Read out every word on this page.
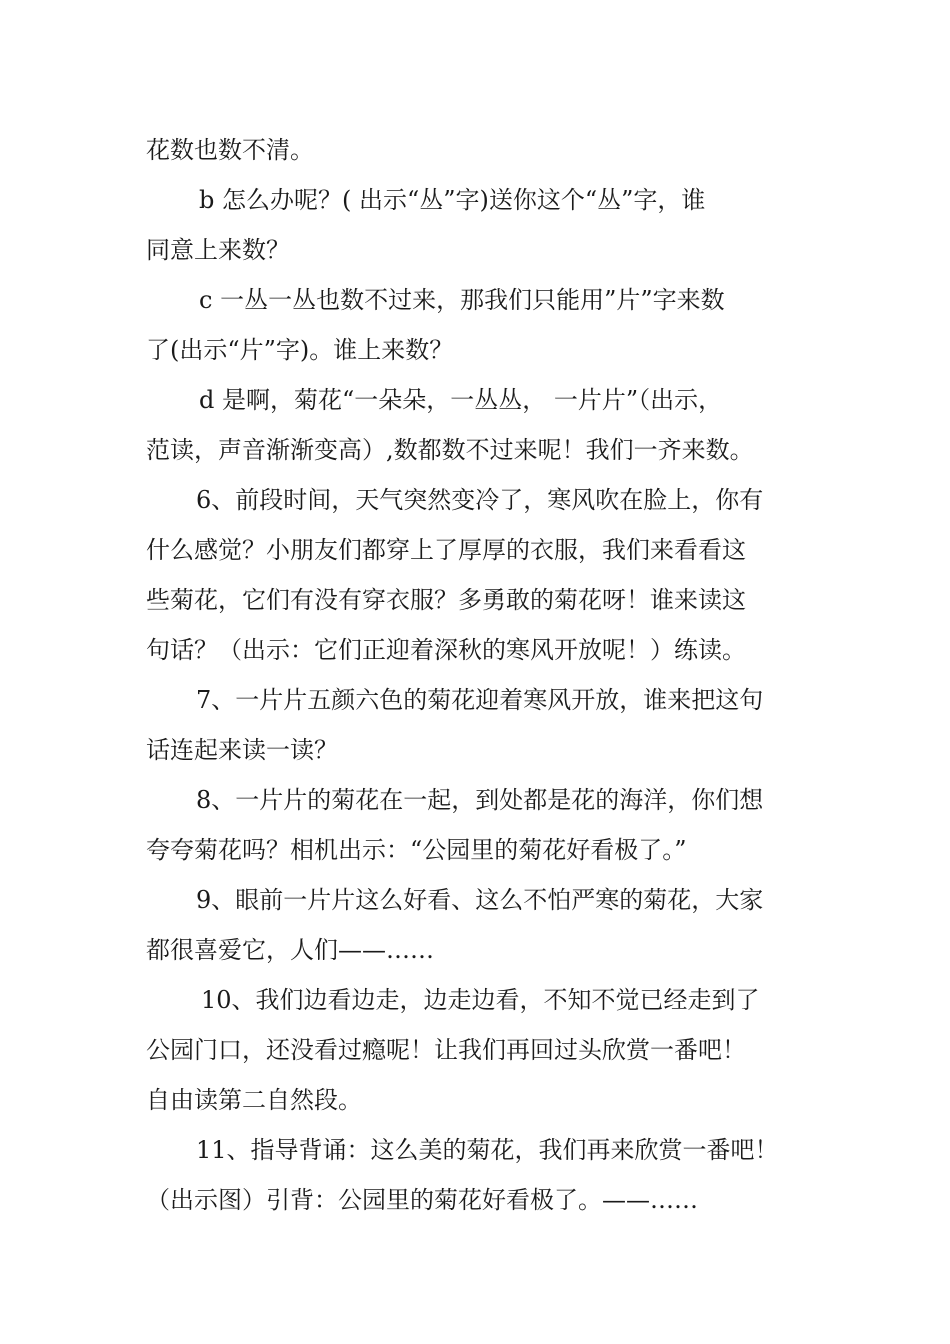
花数也数不清。
b 怎么办呢？( 出示“丛”字)送你这个“丛”字，谁
同意上来数？
c 一丛一丛也数不过来，那我们只能用”片”字来数
了(出示“片”字)。谁上来数？
d 是啊，菊花“一朵朵，一丛丛， 一片片”（出示，
范读，声音渐渐变高）,数都数不过来呢！我们一齐来数。
6、前段时间，天气突然变冷了，寒风吹在脸上，你有
什么感觉？小朋友们都穿上了厚厚的衣服，我们来看看这
些菊花，它们有没有穿衣服？多勇敢的菊花呀！谁来读这
句话？（出示：它们正迎着深秋的寒风开放呢！）练读。
7、一片片五颜六色的菊花迎着寒风开放，谁来把这句
话连起来读一读？
8、一片片的菊花在一起，到处都是花的海洋，你们想
夸夸菊花吗？相机出示：“公园里的菊花好看极了。”
9、眼前一片片这么好看、这么不怕严寒的菊花，大家
都很喜爱它，人们——……
10、我们边看边走，边走边看，不知不觉已经走到了
公园门口，还没看过瘾呢！让我们再回过头欣赏一番吧！
自由读第二自然段。
11、指导背诵：这么美的菊花，我们再来欣赏一番吧！
（出示图）引背：公园里的菊花好看极了。——……
